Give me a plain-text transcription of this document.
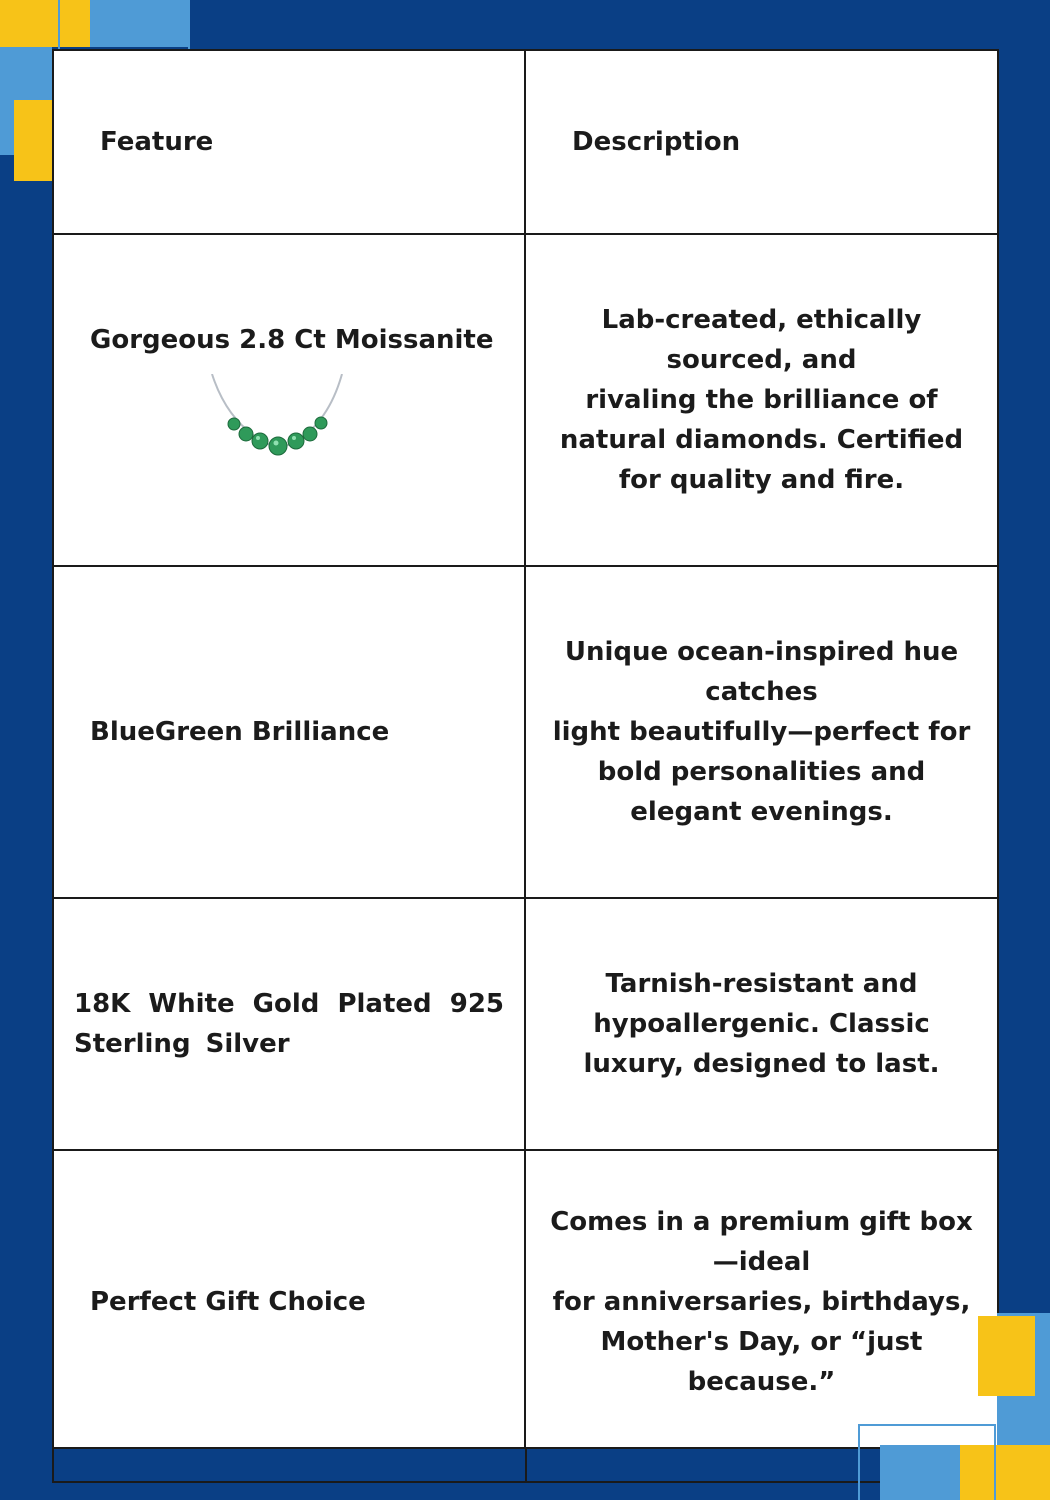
Feature	Description

Gorgeous 2.8 Ct Moissanite	Lab-created, ethically
sourced, and
rivaling the brilliance of
natural diamonds. Certified
for quality and fire.

BlueGreen Brilliance	Unique ocean-inspired hue
catches
light beautifully—perfect for
bold personalities and
elegant evenings.

18K White Gold Plated 925 Sterling Silver	Tarnish-resistant and
hypoallergenic. Classic
luxury, designed to last.

Perfect Gift Choice	Comes in a premium gift box
—ideal
for anniversaries, birthdays,
Mother's Day, or “just
because.”
